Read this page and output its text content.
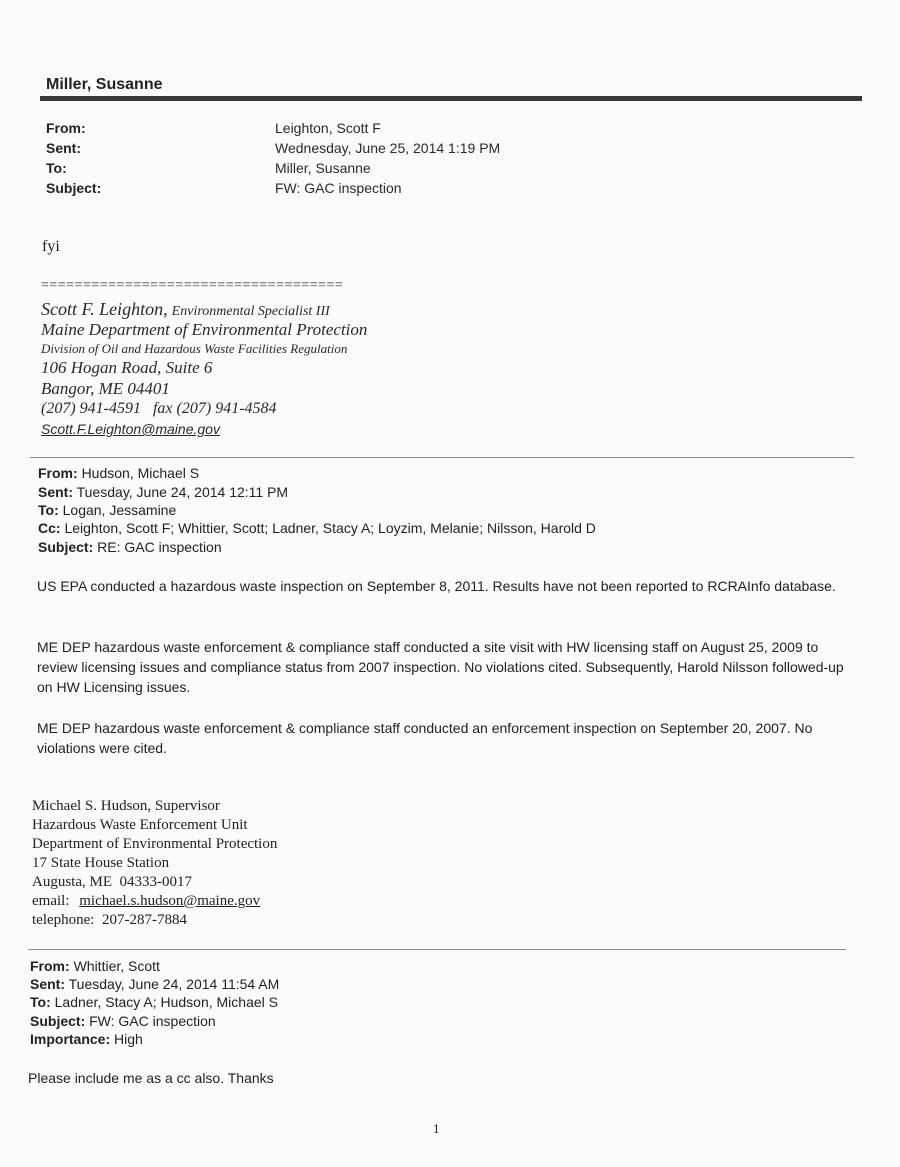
Miller, Susanne
From:	Leighton, Scott F
Sent:	Wednesday, June 25, 2014 1:19 PM
To:	Miller, Susanne
Subject:	FW: GAC inspection
fyi
====================================
Scott F. Leighton, Environmental Specialist III
Maine Department of Environmental Protection
Division of Oil and Hazardous Waste Facilities Regulation
106 Hogan Road, Suite 6
Bangor, ME 04401
(207) 941-4591   fax (207) 941-4584
Scott.F.Leighton@maine.gov
From: Hudson, Michael S
Sent: Tuesday, June 24, 2014 12:11 PM
To: Logan, Jessamine
Cc: Leighton, Scott F; Whittier, Scott; Ladner, Stacy A; Loyzim, Melanie; Nilsson, Harold D
Subject: RE: GAC inspection
US EPA conducted a hazardous waste inspection on September 8, 2011. Results have not been reported to RCRAInfo database.
ME DEP hazardous waste enforcement & compliance staff conducted a site visit with HW licensing staff on August 25, 2009 to review licensing issues and compliance status from 2007 inspection. No violations cited. Subsequently, Harold Nilsson followed-up on HW Licensing issues.
ME DEP hazardous waste enforcement & compliance staff conducted an enforcement inspection on September 20, 2007. No violations were cited.
Michael S. Hudson, Supervisor
Hazardous Waste Enforcement Unit
Department of Environmental Protection
17 State House Station
Augusta, ME  04333-0017
email: michael.s.hudson@maine.gov
telephone:  207-287-7884
From: Whittier, Scott
Sent: Tuesday, June 24, 2014 11:54 AM
To: Ladner, Stacy A; Hudson, Michael S
Subject: FW: GAC inspection
Importance: High
Please include me as a cc also. Thanks
1
